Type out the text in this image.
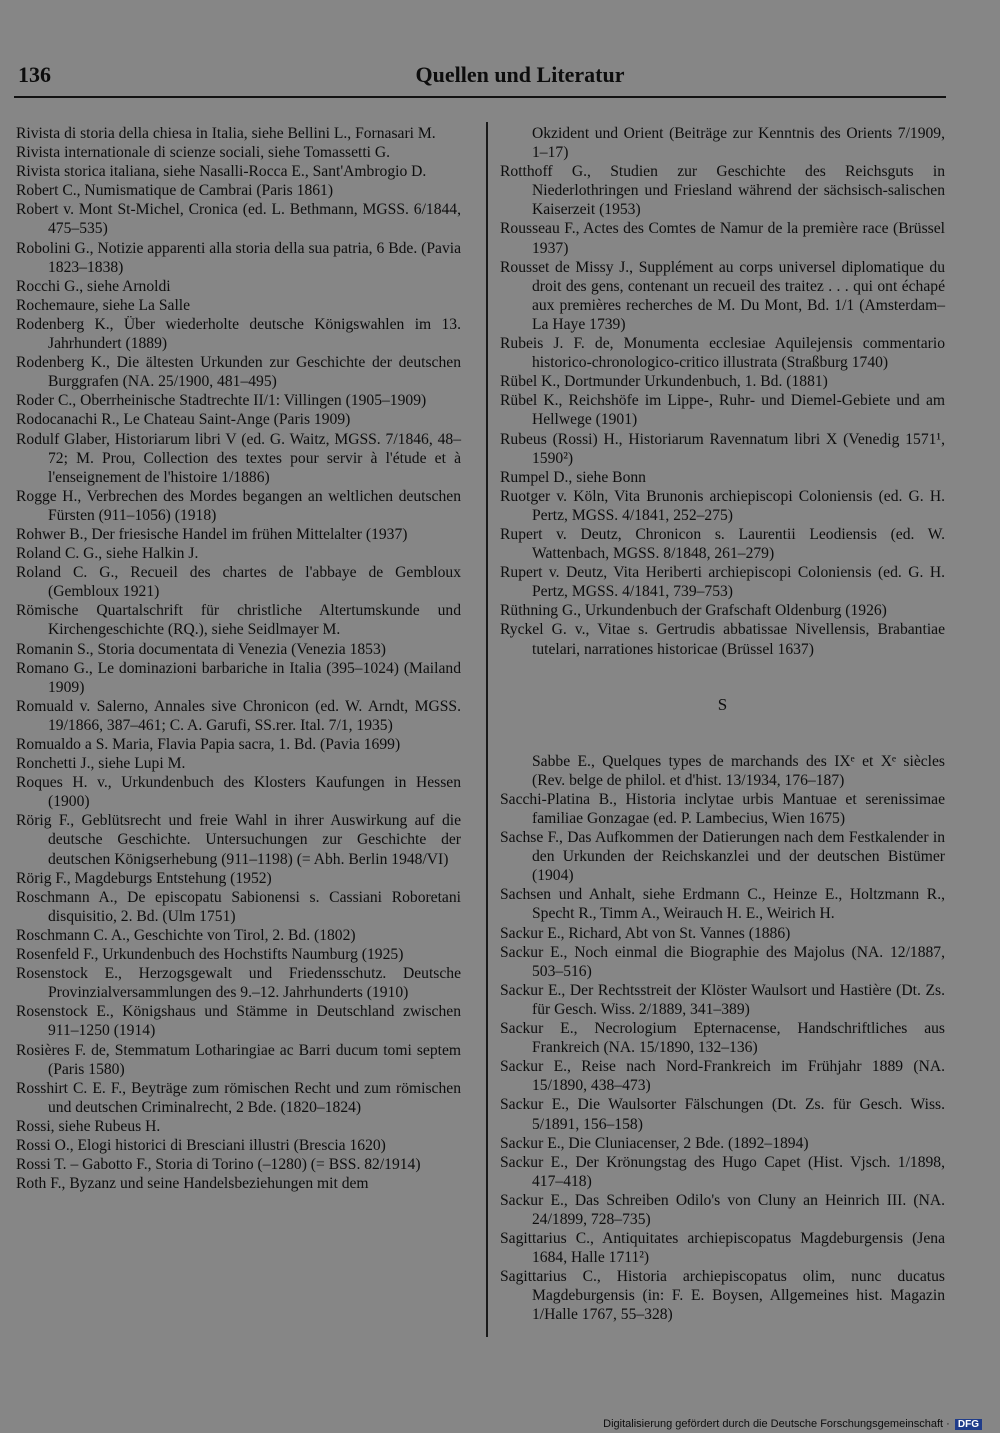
136	Quellen und Literatur

Rivista di storia della chiesa in Italia, siehe Bellini L., Fornasari M.

Rivista internationale di scienze sociali, siehe Tomassetti G.

Rivista storica italiana, siehe Nasalli-Rocca E., Sant'Ambrogio D.

Robert C., Numismatique de Cambrai (Paris 1861)

Robert v. Mont St-Michel, Cronica (ed. L. Bethmann, MGSS. 6/1844, 475–535)

Robolini G., Notizie apparenti alla storia della sua patria, 6 Bde. (Pavia 1823–1838)

Rocchi G., siehe Arnoldi

Rochemaure, siehe La Salle

Rodenberg K., Über wiederholte deutsche Königswahlen im 13. Jahrhundert (1889)

Rodenberg K., Die ältesten Urkunden zur Geschichte der deutschen Burggrafen (NA. 25/1900, 481–495)

Roder C., Oberrheinische Stadtrechte II/1: Villingen (1905–1909)

Rodocanachi R., Le Chateau Saint-Ange (Paris 1909)

Rodulf Glaber, Historiarum libri V (ed. G. Waitz, MGSS. 7/1846, 48–72; M. Prou, Collection des textes pour servir à l'étude et à l'enseignement de l'histoire 1/1886)

Rogge H., Verbrechen des Mordes begangen an weltlichen deutschen Fürsten (911–1056) (1918)

Rohwer B., Der friesische Handel im frühen Mittelalter (1937)

Roland C. G., siehe Halkin J.

Roland C. G., Recueil des chartes de l'abbaye de Gembloux (Gembloux 1921)

Römische Quartalschrift für christliche Altertumskunde und Kirchengeschichte (RQ.), siehe Seidlmayer M.

Romanin S., Storia documentata di Venezia (Venezia 1853)

Romano G., Le dominazioni barbariche in Italia (395–1024) (Mailand 1909)

Romuald v. Salerno, Annales sive Chronicon (ed. W. Arndt, MGSS. 19/1866, 387–461; C. A. Garufi, SS.rer. Ital. 7/1, 1935)

Romualdo a S. Maria, Flavia Papia sacra, 1. Bd. (Pavia 1699)

Ronchetti J., siehe Lupi M.

Roques H. v., Urkundenbuch des Klosters Kaufungen in Hessen (1900)

Rörig F., Geblütsrecht und freie Wahl in ihrer Auswirkung auf die deutsche Geschichte. Untersuchungen zur Geschichte der deutschen Königserhebung (911–1198) (= Abh. Berlin 1948/VI)

Rörig F., Magdeburgs Entstehung (1952)

Roschmann A., De episcopatu Sabionensi s. Cassiani Roboretani disquisitio, 2. Bd. (Ulm 1751)

Roschmann C. A., Geschichte von Tirol, 2. Bd. (1802)

Rosenfeld F., Urkundenbuch des Hochstifts Naumburg (1925)

Rosenstock E., Herzogsgewalt und Friedensschutz. Deutsche Provinzialversammlungen des 9.–12. Jahrhunderts (1910)

Rosenstock E., Königshaus und Stämme in Deutschland zwischen 911–1250 (1914)

Rosières F. de, Stemmatum Lotharingiae ac Barri ducum tomi septem (Paris 1580)

Rosshirt C. E. F., Beyträge zum römischen Recht und zum römischen und deutschen Criminalrecht, 2 Bde. (1820–1824)

Rossi, siehe Rubeus H.

Rossi O., Elogi historici di Bresciani illustri (Brescia 1620)

Rossi T. – Gabotto F., Storia di Torino (–1280) (= BSS. 82/1914)

Roth F., Byzanz und seine Handelsbeziehungen mit dem

Okzident und Orient (Beiträge zur Kenntnis des Orients 7/1909, 1–17)

Rotthoff G., Studien zur Geschichte des Reichsguts in Niederlothringen und Friesland während der sächsisch-salischen Kaiserzeit (1953)

Rousseau F., Actes des Comtes de Namur de la première race (Brüssel 1937)

Rousset de Missy J., Supplément au corps universel diplomatique du droit des gens, contenant un recueil des traitez . . . qui ont échapé aux premières recherches de M. Du Mont, Bd. 1/1 (Amsterdam–La Haye 1739)

Rubeis J. F. de, Monumenta ecclesiae Aquilejensis commentario historico-chronologico-critico illustrata (Straßburg 1740)

Rübel K., Dortmunder Urkundenbuch, 1. Bd. (1881)

Rübel K., Reichshöfe im Lippe-, Ruhr- und Diemel-Gebiete und am Hellwege (1901)

Rubeus (Rossi) H., Historiarum Ravennatum libri X (Venedig 1571¹, 1590²)

Rumpel D., siehe Bonn

Ruotger v. Köln, Vita Brunonis archiepiscopi Coloniensis (ed. G. H. Pertz, MGSS. 4/1841, 252–275)

Rupert v. Deutz, Chronicon s. Laurentii Leodiensis (ed. W. Wattenbach, MGSS. 8/1848, 261–279)

Rupert v. Deutz, Vita Heriberti archiepiscopi Coloniensis (ed. G. H. Pertz, MGSS. 4/1841, 739–753)

Rüthning G., Urkundenbuch der Grafschaft Oldenburg (1926)

Ryckel G. v., Vitae s. Gertrudis abbatissae Nivellensis, Brabantiae tutelari, narrationes historicae (Brüssel 1637)

S

Sabbe E., Quelques types de marchands des IXᵉ et Xᵉ siècles (Rev. belge de philol. et d'hist. 13/1934, 176–187)

Sacchi-Platina B., Historia inclytae urbis Mantuae et serenissimae familiae Gonzagae (ed. P. Lambecius, Wien 1675)

Sachse F., Das Aufkommen der Datierungen nach dem Festkalender in den Urkunden der Reichskanzlei und der deutschen Bistümer (1904)

Sachsen und Anhalt, siehe Erdmann C., Heinze E., Holtzmann R., Specht R., Timm A., Weirauch H. E., Weirich H.

Sackur E., Richard, Abt von St. Vannes (1886)

Sackur E., Noch einmal die Biographie des Majolus (NA. 12/1887, 503–516)

Sackur E., Der Rechtsstreit der Klöster Waulsort und Hastière (Dt. Zs. für Gesch. Wiss. 2/1889, 341–389)

Sackur E., Necrologium Epternacense, Handschriftliches aus Frankreich (NA. 15/1890, 132–136)

Sackur E., Reise nach Nord-Frankreich im Frühjahr 1889 (NA. 15/1890, 438–473)

Sackur E., Die Waulsorter Fälschungen (Dt. Zs. für Gesch. Wiss. 5/1891, 156–158)

Sackur E., Die Cluniacenser, 2 Bde. (1892–1894)

Sackur E., Der Krönungstag des Hugo Capet (Hist. Vjsch. 1/1898, 417–418)

Sackur E., Das Schreiben Odilo's von Cluny an Heinrich III. (NA. 24/1899, 728–735)

Sagittarius C., Antiquitates archiepiscopatus Magdeburgensis (Jena 1684, Halle 1711²)

Sagittarius C., Historia archiepiscopatus olim, nunc ducatus Magdeburgensis (in: F. E. Boysen, Allgemeines hist. Magazin 1/Halle 1767, 55–328)

Digitalisierung gefördert durch die Deutsche Forschungsgemeinschaft · DFG
